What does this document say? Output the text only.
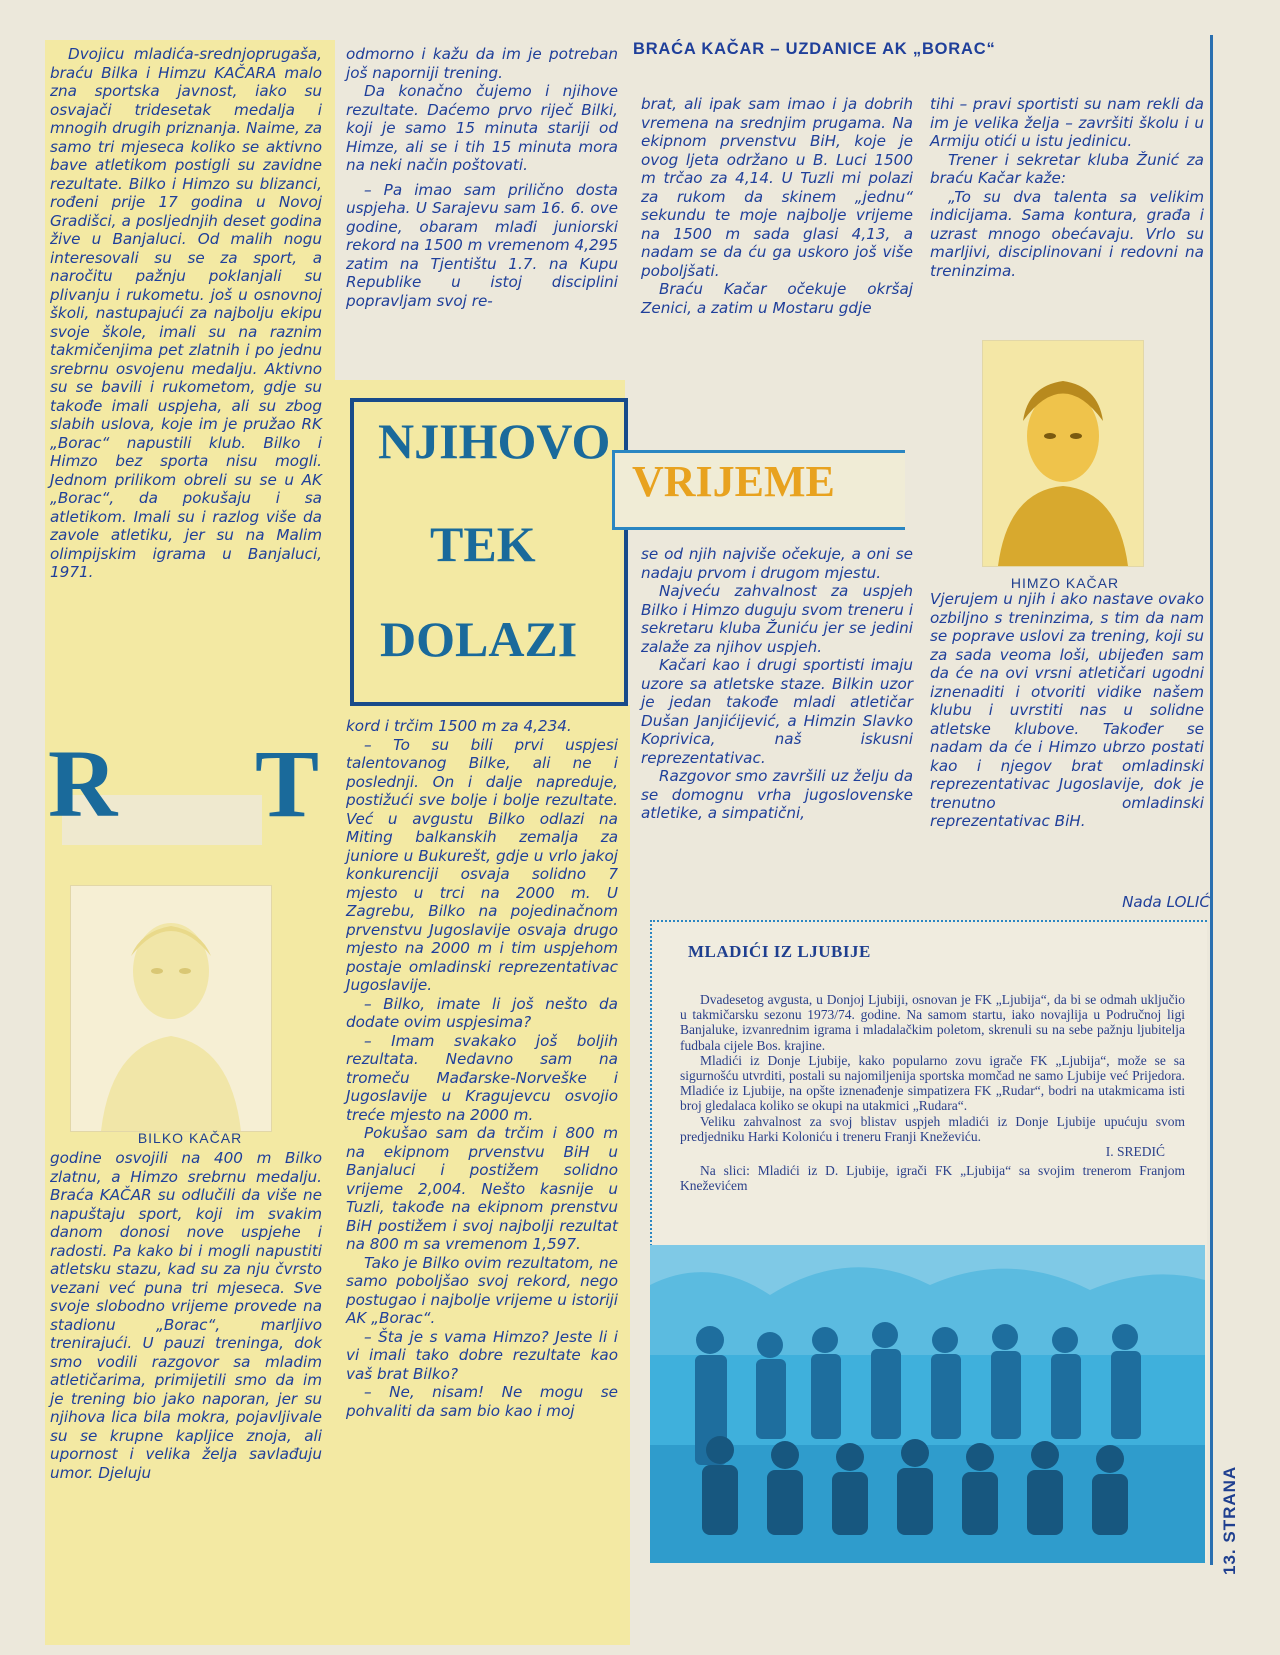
BRAĆA KAČAR – UZDANICE AK „BORAC“
NJIHOVO
VRIJEME
TEK
DOLAZI
R T
BILKO KAČAR
HIMZO KAČAR

Dvojicu mladića-srednjoprugaša, braću Bilka i Himzu KAČARA malo zna sportska javnost, iako su osvajači tridesetak medalja i mnogih drugih priznanja. Naime, za samo tri mjeseca koliko se aktivno bave atletikom postigli su zavidne rezultate. Bilko i Himzo su blizanci, rođeni prije 17 godina u Novoj Gradišci, a posljednjih deset godina žive u Banjaluci. Od malih nogu interesovali su se za sport, a naročitu pažnju poklanjali su plivanju i rukometu. još u osnovnoj školi, nastupajući za najbolju ekipu svoje škole, imali su na raznim takmičenjima pet zlatnih i po jednu srebrnu osvojenu medalju. Aktivno su se bavili i rukometom, gdje su takođe imali uspjeha, ali su zbog slabih uslova, koje im je pružao RK „Borac“ napustili klub. Bilko i Himzo bez sporta nisu mogli. Jednom prilikom obreli su se u AK „Borac“, da pokušaju i sa atletikom. Imali su i razlog više da zavole atletiku, jer su na Malim olimpijskim igrama u Banjaluci, 1971.

godine osvojili na 400 m Bilko zlatnu, a Himzo srebrnu medalju. Braća KAČAR su odlučili da više ne napuštaju sport, koji im svakim danom donosi nove uspjehe i radosti. Pa kako bi i mogli napustiti atletsku stazu, kad su za nju čvrsto vezani već puna tri mjeseca. Sve svoje slobodno vrijeme provede na stadionu „Borac“, marljivo trenirajući. U pauzi treninga, dok smo vodili razgovor sa mladim atletičarima, primijetili smo da im je trening bio jako naporan, jer su njihova lica bila mokra, pojavljivale su se krupne kapljice znoja, ali upornost i velika želja savlađuju umor. Djeluju

odmorno i kažu da im je potreban još naporniji trening.

Da konačno čujemo i njihove rezultate. Daćemo prvo riječ Bilki, koji je samo 15 minuta stariji od Himze, ali se i tih 15 minuta mora na neki način poštovati.

– Pa imao sam prilično dosta uspjeha. U Sarajevu sam 16. 6. ove godine, obaram mlađi juniorski rekord na 1500 m vremenom 4,295 zatim na Tjentištu 1.7. na Kupu Republike u istoj disciplini popravljam svoj re-

kord i trčim 1500 m za 4,234.

– To su bili prvi uspjesi talentovanog Bilke, ali ne i poslednji. On i dalje napreduje, postižući sve bolje i bolje rezultate. Već u avgustu Bilko odlazi na Miting balkanskih zemalja za juniore u Bukurešt, gdje u vrlo jakoj konkurenciji osvaja solidno 7 mjesto u trci na 2000 m. U Zagrebu, Bilko na pojedinačnom prvenstvu Jugoslavije osvaja drugo mjesto na 2000 m i tim uspjehom postaje omladinski reprezentativac Jugoslavije.

– Bilko, imate li još nešto da dodate ovim uspjesima?

– Imam svakako još boljih rezultata. Nedavno sam na tromeču Mađarske-Norveške i Jugoslavije u Kragujevcu osvojio treće mjesto na 2000 m.

Pokušao sam da trčim i 800 m na ekipnom prvenstvu BiH u Banjaluci i postižem solidno vrijeme 2,004. Nešto kasnije u Tuzli, takođe na ekipnom prenstvu BiH postižem i svoj najbolji rezultat na 800 m sa vremenom 1,597.

Tako je Bilko ovim rezultatom, ne samo poboljšao svoj rekord, nego postugao i najbolje vrijeme u istoriji AK „Borac“.

– Šta je s vama Himzo? Jeste li i vi imali tako dobre rezultate kao vaš brat Bilko?

– Ne, nisam! Ne mogu se pohvaliti da sam bio kao i moj

brat, ali ipak sam imao i ja dobrih vremena na srednjim prugama. Na ekipnom prvenstvu BiH, koje je ovog ljeta održano u B. Luci 1500 m trčao za 4,14. U Tuzli mi polazi za rukom da skinem „jednu“ sekundu te moje najbolje vrijeme na 1500 m sada glasi 4,13, a nadam se da ću ga uskoro još više poboljšati.

Braću Kačar očekuje okršaj Zenici, a zatim u Mostaru gdje

se od njih najviše očekuje, a oni se nadaju prvom i drugom mjestu.

Najveću zahvalnost za uspjeh Bilko i Himzo duguju svom treneru i sekretaru kluba Žuniću jer se jedini zalaže za njihov uspjeh.

Kačari kao i drugi sportisti imaju uzore sa atletske staze. Bilkin uzor je jedan takođe mladi atletičar Dušan Janjićijević, a Himzin Slavko Koprivica, naš iskusni reprezentativac.

Razgovor smo završili uz želju da se domognu vrha jugoslovenske atletike, a simpatični,

tihi – pravi sportisti su nam rekli da im je velika želja – završiti školu i u Armiju otići u istu jedinicu.

Trener i sekretar kluba Žunić za braću Kačar kaže:

„To su dva talenta sa velikim indicijama. Sama kontura, građa i uzrast mnogo obećavaju. Vrlo su marljivi, disciplinovani i redovni na treninzima.

Vjerujem u njih i ako nastave ovako ozbiljno s treninzima, s tim da nam se poprave uslovi za trening, koji su za sada veoma loši, ubijeđen sam da će na ovi vrsni atletičari ugodni iznenaditi i otvoriti vidike našem klubu i uvrstiti nas u solidne atletske klubove. Također se nadam da će i Himzo ubrzo postati kao i njegov brat omladinski reprezentativac Jugoslavije, dok je trenutno omladinski reprezentativac BiH.

Nada LOLIĆ
13. STRANA
MLADIĆI IZ LJUBIJE

Dvadesetog avgusta, u Donjoj Ljubiji, osnovan je FK „Ljubija“, da bi se odmah uključio u takmičarsku sezonu 1973/74. godine. Na samom startu, iako novajlija u Područnoj ligi Banjaluke, izvanrednim igrama i mladalačkim poletom, skrenuli su na sebe pažnju ljubitelja fudbala cijele Bos. krajine.

Mladići iz Donje Ljubije, kako popularno zovu igrače FK „Ljubija“, može se sa sigurnošću utvrditi, postali su najomiljenija sportska momčad ne samo Ljubije već Prijedora. Mladiće iz Ljubije, na opšte iznenađenje simpatizera FK „Rudar“, bodri na utakmicama isti broj gledalaca koliko se okupi na utakmici „Rudara“.

Veliku zahvalnost za svoj blistav uspjeh mladići iz Donje Ljubije upućuju svom predjedniku Harki Koloniću i treneru Franji Kneževiću.

I. SREDIĆ

Na slici: Mladići iz D. Ljubije, igrači FK „Ljubija“ sa svojim trenerom Franjom Kneževićem
